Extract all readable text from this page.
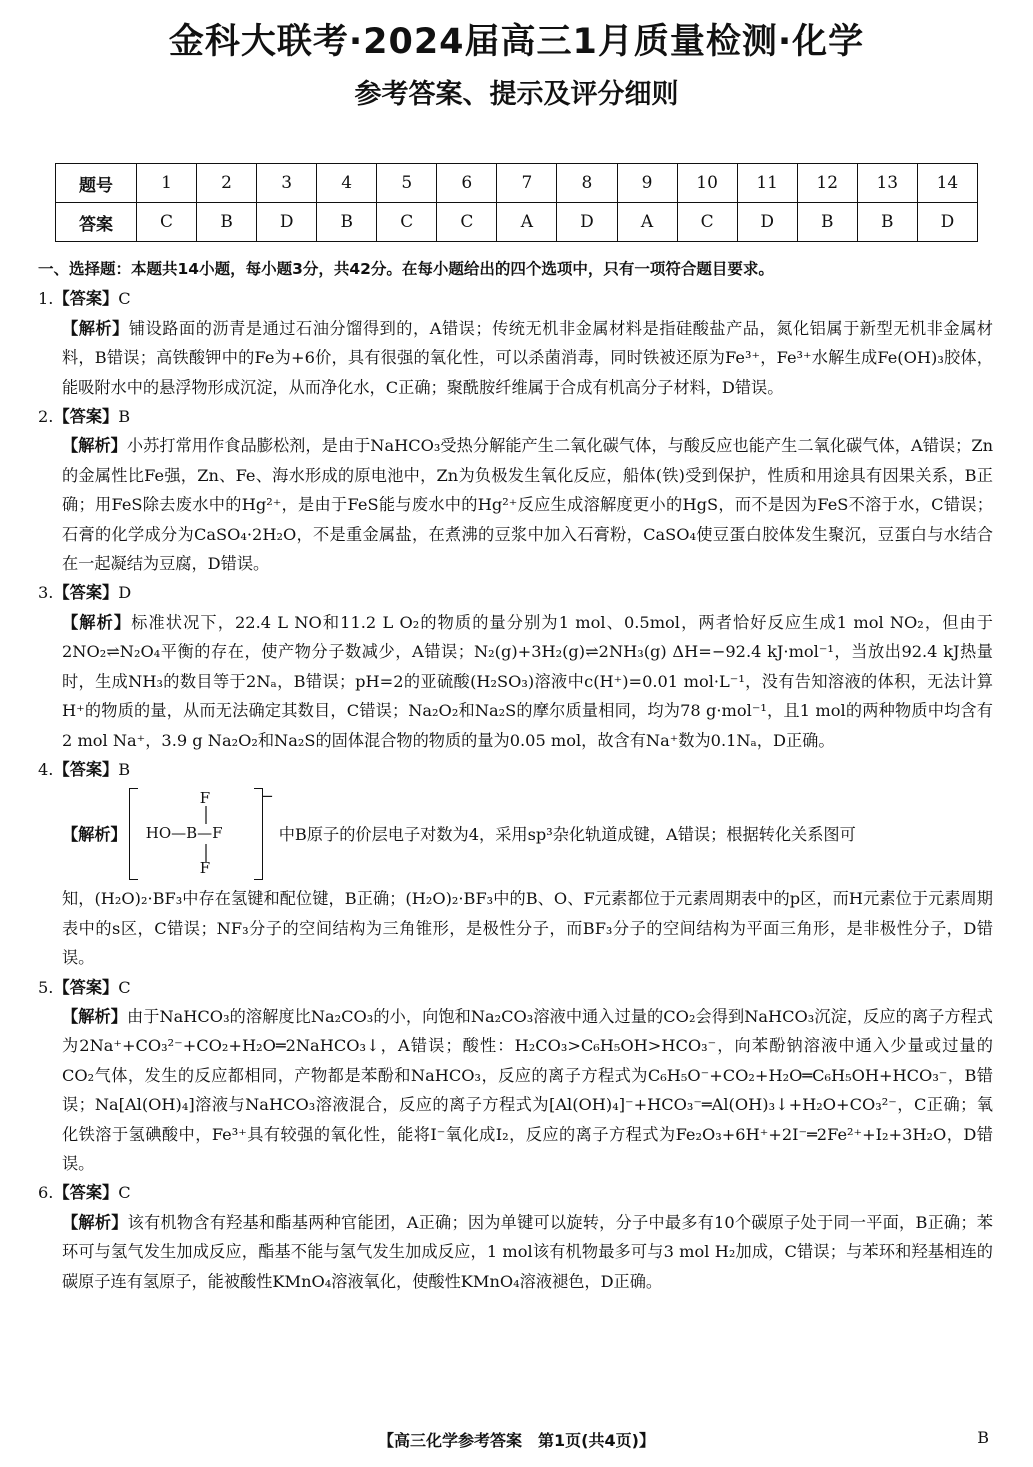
金科大联考·2024届高三1月质量检测·化学
参考答案、提示及评分细则
题号	1	2	3	4	5	6	7	8	9	10	11	12	13	14
答案	C	B	D	B	C	C	A	D	A	C	D	B	B	D
一、选择题：本题共14小题，每小题3分，共42分。在每小题给出的四个选项中，只有一项符合题目要求。
1.【答案】C
【解析】铺设路面的沥青是通过石油分馏得到的，A错误；传统无机非金属材料是指硅酸盐产品，氮化铝属于新型无机非金属材料，B错误；高铁酸钾中的Fe为+6价，具有很强的氧化性，可以杀菌消毒，同时铁被还原为Fe³⁺，Fe³⁺水解生成Fe(OH)₃胶体，能吸附水中的悬浮物形成沉淀，从而净化水，C正确；聚酰胺纤维属于合成有机高分子材料，D错误。
2.【答案】B
【解析】小苏打常用作食品膨松剂，是由于NaHCO₃受热分解能产生二氧化碳气体，与酸反应也能产生二氧化碳气体，A错误；Zn的金属性比Fe强，Zn、Fe、海水形成的原电池中，Zn为负极发生氧化反应，船体(铁)受到保护，性质和用途具有因果关系，B正确；用FeS除去废水中的Hg²⁺，是由于FeS能与废水中的Hg²⁺反应生成溶解度更小的HgS，而不是因为FeS不溶于水，C错误；石膏的化学成分为CaSO₄·2H₂O，不是重金属盐，在煮沸的豆浆中加入石膏粉，CaSO₄使豆蛋白胶体发生聚沉，豆蛋白与水结合在一起凝结为豆腐，D错误。
3.【答案】D
【解析】标准状况下，22.4 L NO和11.2 L O₂的物质的量分别为1 mol、0.5mol，两者恰好反应生成1 mol NO₂，但由于2NO₂⇌N₂O₄平衡的存在，使产物分子数减少，A错误；N₂(g)+3H₂(g)⇌2NH₃(g) ΔH=−92.4 kJ·mol⁻¹，当放出92.4 kJ热量时，生成NH₃的数目等于2Nₐ，B错误；pH=2的亚硫酸(H₂SO₃)溶液中c(H⁺)=0.01 mol·L⁻¹，没有告知溶液的体积，无法计算H⁺的物质的量，从而无法确定其数目，C错误；Na₂O₂和Na₂S的摩尔质量相同，均为78 g·mol⁻¹，且1 mol的两种物质中均含有2 mol Na⁺，3.9 g Na₂O₂和Na₂S的固体混合物的物质的量为0.05 mol，故含有Na⁺数为0.1Nₐ，D正确。
4.【答案】B
【解析】
−
F
HO—B—F
F
中B原子的价层电子对数为4，采用sp³杂化轨道成键，A错误；根据转化关系图可
知，(H₂O)₂·BF₃中存在氢键和配位键，B正确；(H₂O)₂·BF₃中的B、O、F元素都位于元素周期表中的p区，而H元素位于元素周期表中的s区，C错误；NF₃分子的空间结构为三角锥形，是极性分子，而BF₃分子的空间结构为平面三角形，是非极性分子，D错误。
5.【答案】C
【解析】由于NaHCO₃的溶解度比Na₂CO₃的小，向饱和Na₂CO₃溶液中通入过量的CO₂会得到NaHCO₃沉淀，反应的离子方程式为2Na⁺+CO₃²⁻+CO₂+H₂O═2NaHCO₃↓，A错误；酸性：H₂CO₃>C₆H₅OH>HCO₃⁻，向苯酚钠溶液中通入少量或过量的CO₂气体，发生的反应都相同，产物都是苯酚和NaHCO₃，反应的离子方程式为C₆H₅O⁻+CO₂+H₂O═C₆H₅OH+HCO₃⁻，B错误；Na[Al(OH)₄]溶液与NaHCO₃溶液混合，反应的离子方程式为[Al(OH)₄]⁻+HCO₃⁻═Al(OH)₃↓+H₂O+CO₃²⁻，C正确；氧化铁溶于氢碘酸中，Fe³⁺具有较强的氧化性，能将I⁻氧化成I₂，反应的离子方程式为Fe₂O₃+6H⁺+2I⁻═2Fe²⁺+I₂+3H₂O，D错误。
6.【答案】C
【解析】该有机物含有羟基和酯基两种官能团，A正确；因为单键可以旋转，分子中最多有10个碳原子处于同一平面，B正确；苯环可与氢气发生加成反应，酯基不能与氢气发生加成反应，1 mol该有机物最多可与3 mol H₂加成，C错误；与苯环和羟基相连的碳原子连有氢原子，能被酸性KMnO₄溶液氧化，使酸性KMnO₄溶液褪色，D正确。
【高三化学参考答案　第1页(共4页)】	B
